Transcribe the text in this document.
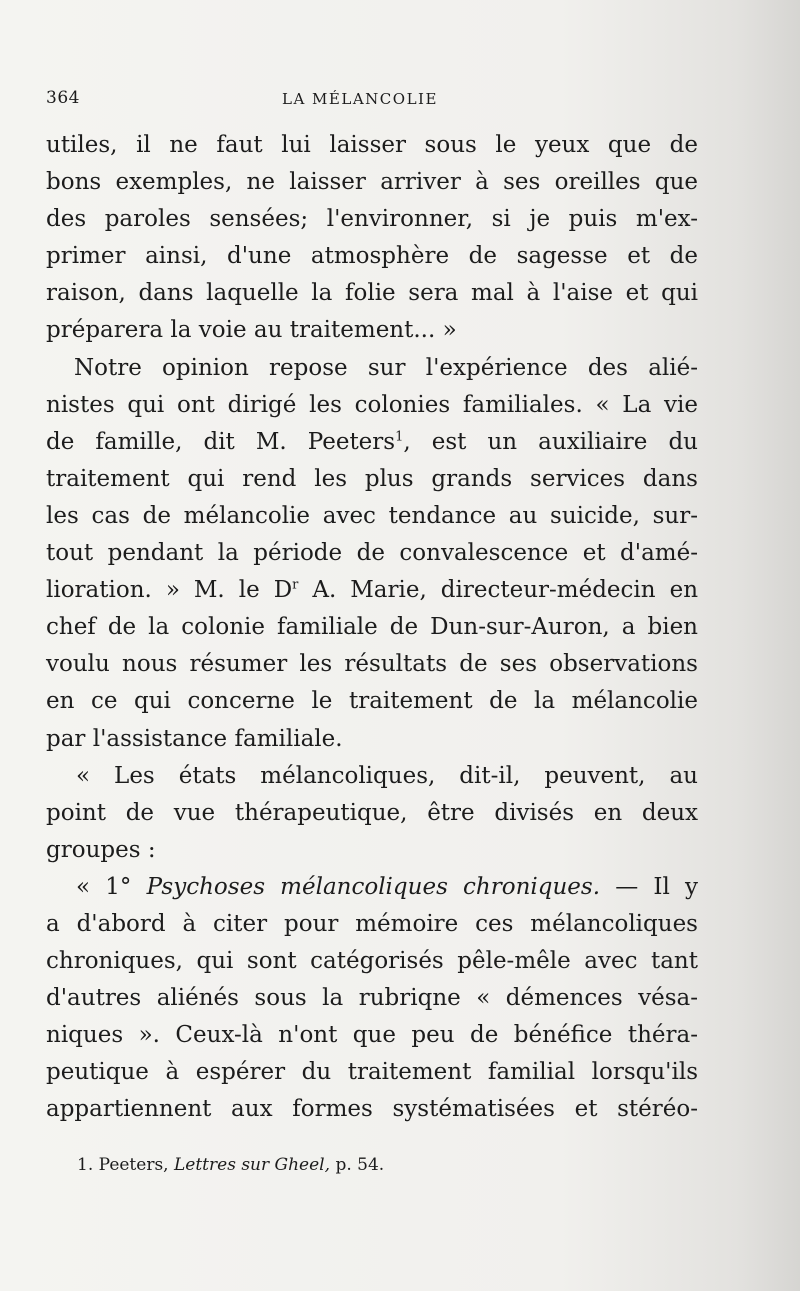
364	LA MÉLANCOLIE
utiles, il ne faut lui laisser sous le yeux que de
bons exemples, ne laisser arriver à ses oreilles que
des paroles sensées; l'environner, si je puis m'ex-
primer ainsi, d'une atmosphère de sagesse et de
raison, dans laquelle la folie sera mal à l'aise et qui
préparera la voie au traitement... »
Notre opinion repose sur l'expérience des alié-
nistes qui ont dirigé les colonies familiales. « La vie
de famille, dit M. Peeters$^1$, est un auxiliaire du
traitement qui rend les plus grands services dans
les cas de mélancolie avec tendance au suicide, sur-
tout pendant la période de convalescence et d'amé-
lioration. » M. le $D^r$ A. Marie, directeur-médecin en
chef de la colonie familiale de Dun-sur-Auron, a bien
voulu nous résumer les résultats de ses observations
en ce qui concerne le traitement de la mélancolie
par l'assistance familiale.
« Les états mélancoliques, dit-il, peuvent, au
point de vue thérapeutique, être divisés en deux
groupes :
« 1° Psychoses mélancoliques chroniques. — Il y
a d'abord à citer pour mémoire ces mélancoliques
chroniques, qui sont catégorisés pêle-mêle avec tant
d'autres aliénés sous la rubriqne « démences vésa-
niques ». Ceux-là n'ont que peu de bénéfice théra-
peutique à espérer du traitement familial lorsqu'ils
appartiennent aux formes systématisées et stéréo-
1. Peeters, Lettres sur Gheel, p. 54.
